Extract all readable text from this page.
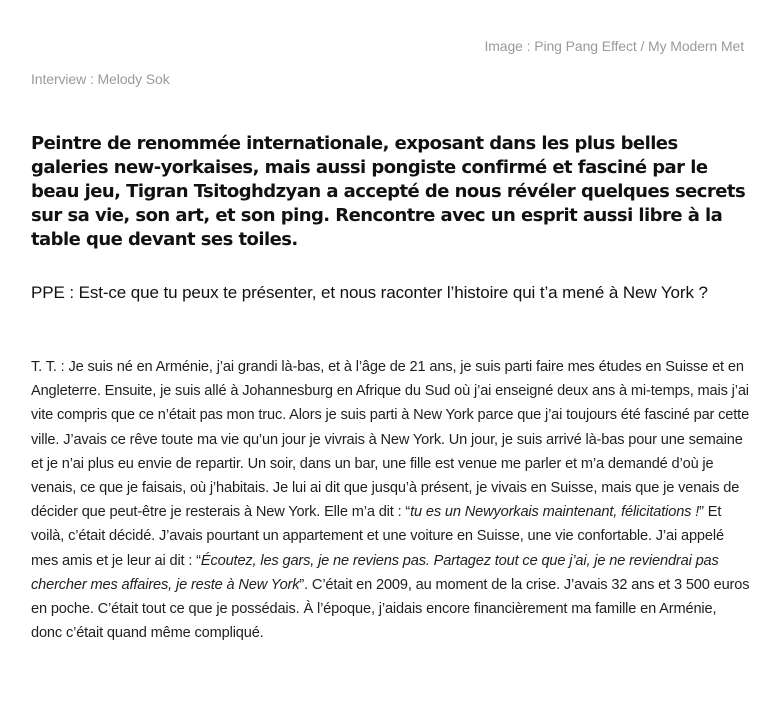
Image : Ping Pang Effect / My Modern Met
Interview : Melody Sok

Peintre de renommée internationale, exposant dans les plus belles galeries new-yorkaises, mais aussi pongiste confirmé et fasciné par le beau jeu, Tigran Tsitoghdzyan a accepté de nous révéler quelques secrets sur sa vie, son art, et son ping. Rencontre avec un esprit aussi libre à la table que devant ses toiles.

PPE : Est-ce que tu peux te présenter, et nous raconter l’histoire qui t’a mené à New York ?

T. T. : Je suis né en Arménie, j’ai grandi là-bas, et à l’âge de 21 ans, je suis parti faire mes études en Suisse et en Angleterre. Ensuite, je suis allé à Johannesburg en Afrique du Sud où j’ai enseigné deux ans à mi-temps, mais j’ai vite compris que ce n’était pas mon truc. Alors je suis parti à New York parce que j’ai toujours été fasciné par cette ville. J’avais ce rêve toute ma vie qu’un jour je vivrais à New York. Un jour, je suis arrivé là-bas pour une semaine et je n’ai plus eu envie de repartir. Un soir, dans un bar, une fille est venue me parler et m’a demandé d’où je venais, ce que je faisais, où j’habitais. Je lui ai dit que jusqu’à présent, je vivais en Suisse, mais que je venais de décider que peut-être je resterais à New York. Elle m’a dit : “tu es un Newyorkais maintenant, félicitations !” Et voilà, c’était décidé. J’avais pourtant un appartement et une voiture en Suisse, une vie confortable. J’ai appelé mes amis et je leur ai dit : “Écoutez, les gars, je ne reviens pas. Partagez tout ce que j’ai, je ne reviendrai pas chercher mes affaires, je reste à New York”. C’était en 2009, au moment de la crise. J’avais 32 ans et 3 500 euros en poche. C’était tout ce que je possédais. À l’époque, j’aidais encore financièrement ma famille en Arménie, donc c’était quand même compliqué.
